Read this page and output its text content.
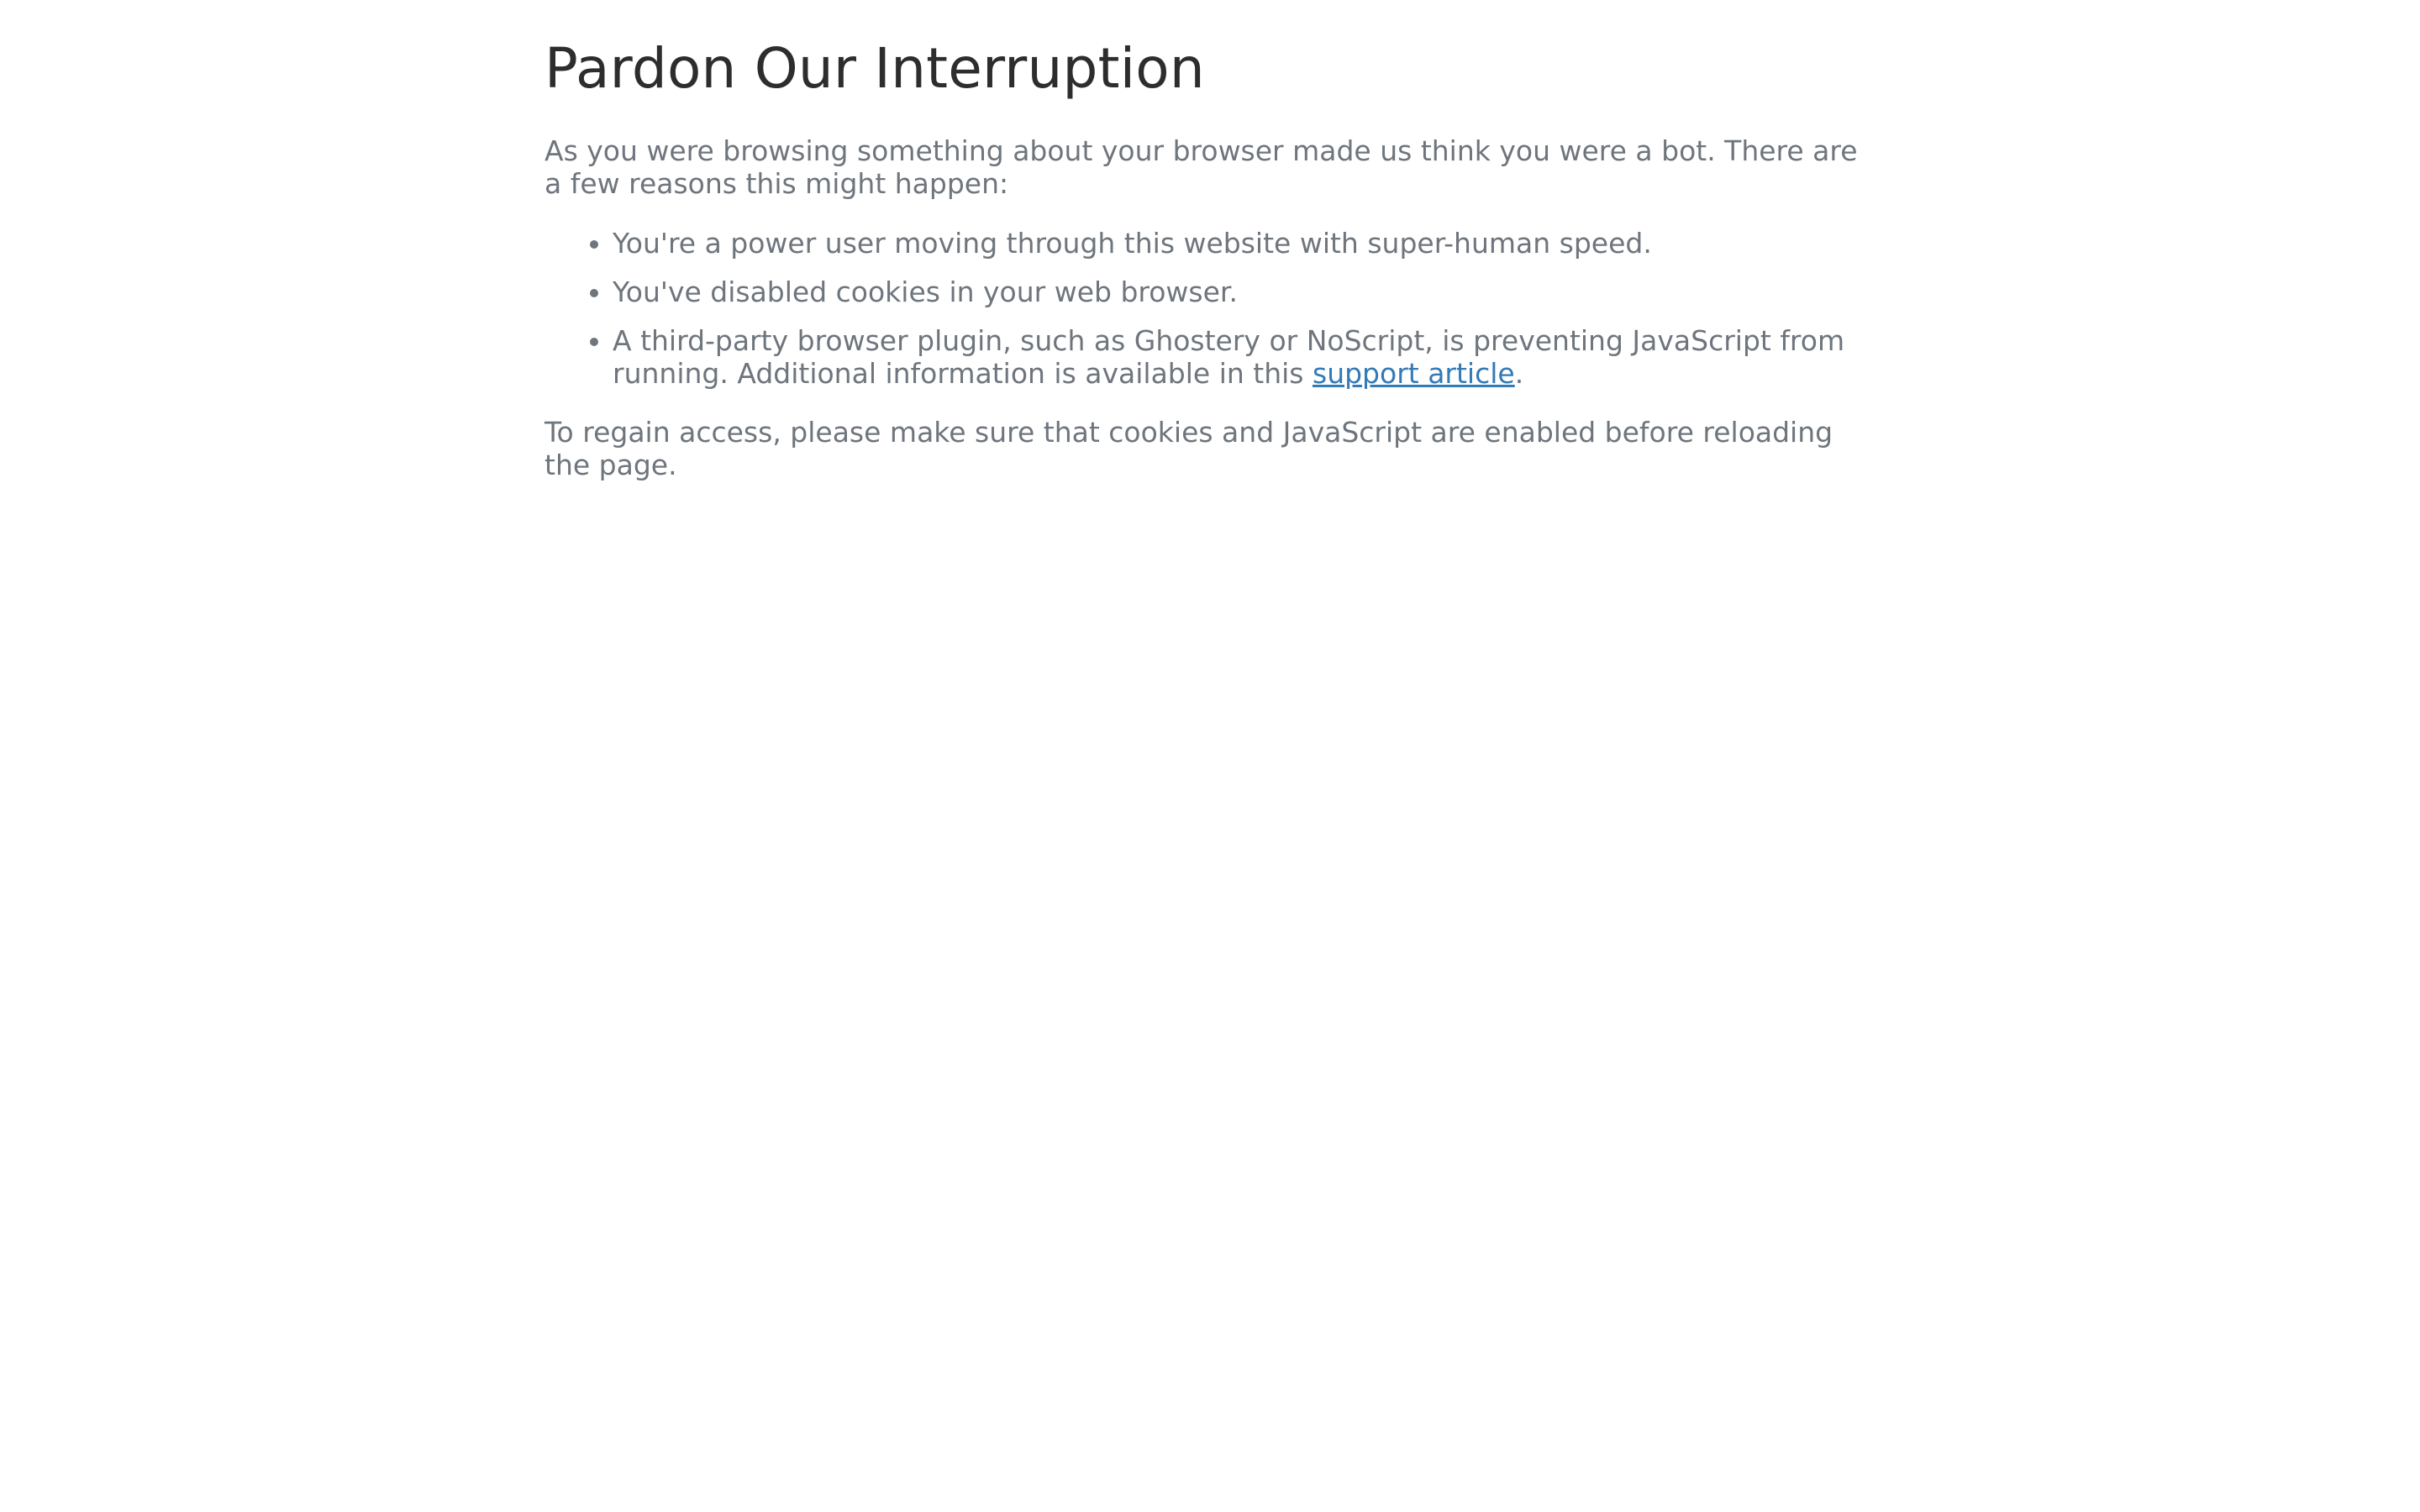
Pardon Our Interruption

As you were browsing something about your browser made us think you were a bot. There are a few reasons this might happen:

• You're a power user moving through this website with super-human speed.
• You've disabled cookies in your web browser.
• A third-party browser plugin, such as Ghostery or NoScript, is preventing JavaScript from running. Additional information is available in this support article.

To regain access, please make sure that cookies and JavaScript are enabled before reloading the page.
